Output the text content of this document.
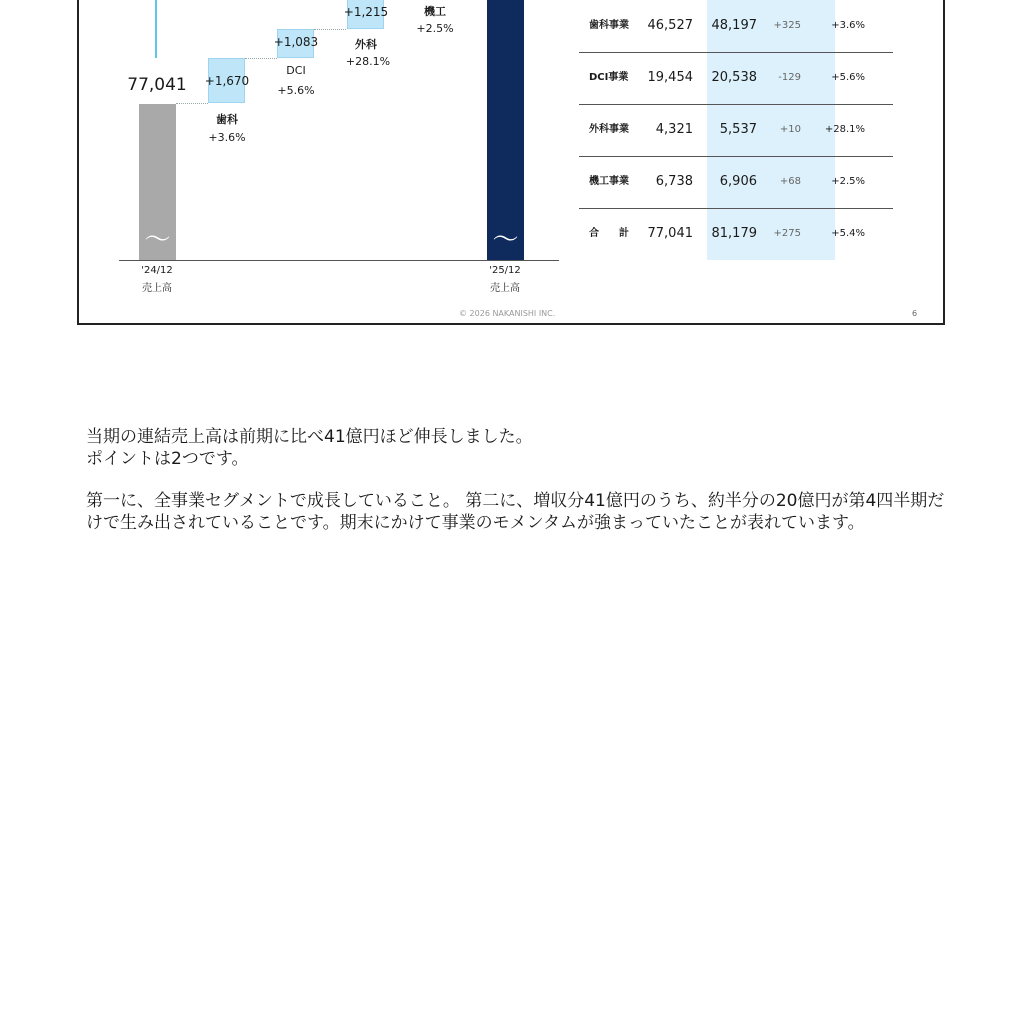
77,041
～
+1,670
+1,083
+1,215
歯科
+3.6%
DCI
+5.6%
外科
+28.1%
機工
+2.5%
～
'24/12
売上高
'25/12
売上高
歯科事業 46,527 48,197 +325	+3.6%
DCI事業 19,454 20,538 -129	+5.6%
外科事業 4,321 5,537 +10 +28.1%
機工事業 6,738 6,906 +68	+2.5%
合　　計 77,041 81,179 +275	+5.4%
© 2026 NAKANISHI INC.	6

当期の連結売上高は前期に比べ41億円ほど伸長しました。
ポイントは2つです。

第一に、全事業セグメントで成長していること。 第二に、増収分41億円のうち、約半分の20億円が第4四半期だけで生み出されていることです。期末にかけて事業のモメンタムが強まっていたことが表れています。
